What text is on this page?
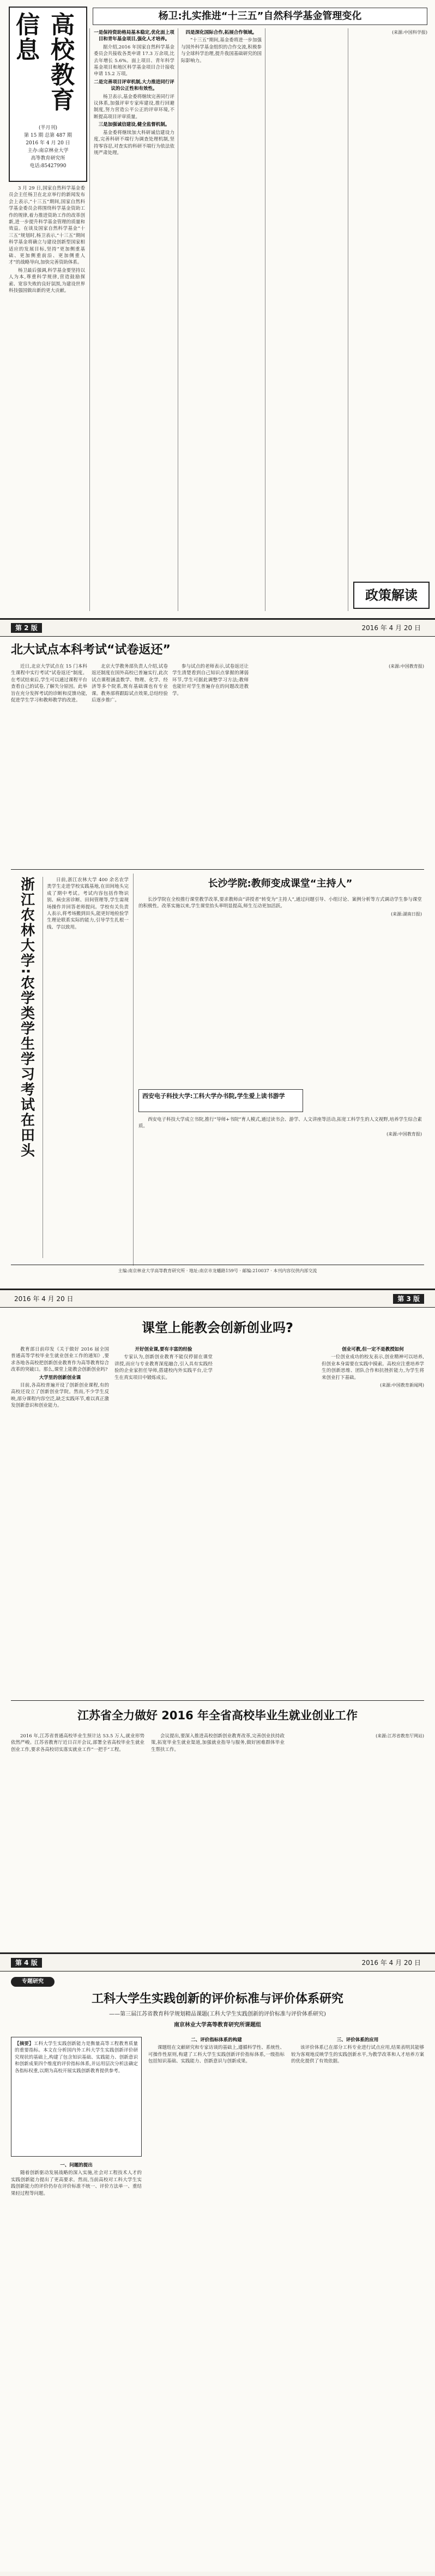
高校教育信息
(半月刊)
第 15 期 总第 487 期
2016 年 4 月 20 日
主办:南京林业大学
高等教育研究所
电话:85427990
杨卫:扎实推进“十三五”自然科学基金管理变化

3 月 29 日,国家自然科学基金委员会主任杨卫在北京举行的新闻发布会上表示,“十三五”期间,国家自然科学基金委员会将围绕科学基金资助工作的规律,着力推进资助工作的改革创新,进一步提升科学基金管理的质量和效益。在谈及国家自然科学基金“十三五”规划时,杨卫表示,“十三五”期间科学基金将确立与建设创新型国家相适应的发展目标,坚持“更加侧重基础、更加侧重前沿、更加侧重人才”的战略导向,加快完善资助体系。

杨卫最后强调,科学基金要坚持以人为本,尊重科学规律,营造鼓励探索、宽容失败的良好氛围,为建设世界科技强国做出新的更大贡献。

一是保持资助格局基本稳定,优化面上项目和青年基金项目,强化人才培养。

据介绍,2016 年国家自然科学基金委员会共接收各类申请 17.3 万余项,比去年增长 5.6%。面上项目、青年科学基金项目和地区科学基金项目合计接收申请 15.2 万项。

二是完善项目评审机制,大力推进同行评议的公正性和有效性。

杨卫表示,基金委将继续完善同行评议体系,加强评审专家库建设,推行回避制度,努力营造公平公正的评审环境,不断提高项目评审质量。

三是加强诚信建设,健全监督机制。

基金委将继续加大科研诚信建设力度,完善科研不端行为调查处理机制,坚持零容忍,对查实的科研不端行为依法依规严肃处理。

四是深化国际合作,拓展合作领域。

“十三五”期间,基金委将进一步加强与国外科学基金组织的合作交流,积极参与全球科学治理,提升我国基础研究的国际影响力。

(来源:中国科学报)

政策解读
第 2 版	2016 年 4 月 20 日
北大试点本科考试“试卷返还”

近日,北京大学试点在 15 门本科生课程中实行考试“试卷返还”制度。在考试结束后,学生可以通过课程平台查看自己的试卷,了解失分原因。此举旨在充分发挥考试的诊断和反馈功能,促进学生学习和教师教学的改进。

北京大学教务部负责人介绍,试卷返还制度在国外高校已普遍实行,此次试点课程涵盖数学、物理、化学、经济等多个院系,既有基础课也有专业课。教务部将跟踪试点效果,总结经验后逐步推广。

参与试点的老师表示,试卷返还让学生清楚看到自己知识点掌握的薄弱环节,学生可据此调整学习方法;教师也能针对学生普遍存在的问题改进教学。

(来源:中国教育报)

浙江农林大学:农学类学生学习考试在田头	日前,浙江农林大学 400 余名农学类学生走进学校实践基地,在田间地头完成了期中考试。考试内容包括作物识别、病虫害诊断、田间管理等,学生需现场操作并回答老师提问。学校有关负责人表示,将考场搬到田头,能更好地检验学生理论联系实际的能力,引导学生扎根一线、学以致用。

长沙学院:教师变成课堂“主持人”

长沙学院在全校推行课堂教学改革,要求教师由“讲授者”转变为“主持人”,通过问题引导、小组讨论、案例分析等方式调动学生参与课堂的积极性。改革实施以来,学生课堂抬头率明显提高,师生互动更加活跃。

(来源:湖南日报)

西安电子科技大学:工科大学办书院,学生爱上读书游学

西安电子科技大学成立书院,推行“导师+书院”育人模式,通过读书会、游学、人文讲座等活动,拓宽工科学生的人文视野,培养学生综合素质。

(来源:中国教育报)

主编:南京林业大学高等教育研究所 · 地址:南京市龙蟠路159号 · 邮编:210037 · 本刊内容仅供内部交流
2016 年 4 月 20 日	第 3 版
课堂上能教会创新创业吗?

教育部日前印发《关于做好 2016 届全国普通高等学校毕业生就业创业工作的通知》,要求各地各高校把创新创业教育作为高等教育综合改革的突破口。那么,课堂上能教会创新创业吗?

大学里的创新创业课

目前,各高校普遍开设了创新创业课程,有的高校还设立了创新创业学院。然而,不少学生反映,部分课程内容空泛,缺乏实践环节,难以真正激发创新意识和创业能力。

开好创业课,要有丰富的经验

专家认为,创新创业教育不能仅停留在课堂讲授,而应与专业教育深度融合,引入具有实践经验的企业家担任导师,搭建校内外实践平台,让学生在真实项目中锻炼成长。

创业可教,但一定不是教授如何

一位创业成功的校友表示,创业精神可以培养,但创业本身需要在实践中摸索。高校应注重培养学生的创新思维、团队合作和抗挫折能力,为学生将来创业打下基础。

(来源:中国教育新闻网)

江苏省全力做好 2016 年全省高校毕业生就业创业工作

2016 年,江苏省普通高校毕业生预计达 53.5 万人,就业形势依然严峻。江苏省教育厅近日召开会议,部署全省高校毕业生就业创业工作,要求各高校切实落实就业工作“一把手”工程。

会议提出,要深入推进高校创新创业教育改革,完善创业扶持政策,拓宽毕业生就业渠道,加强就业指导与服务,做好困难群体毕业生帮扶工作。

(来源:江苏省教育厅网站)

第 4 版	2016 年 4 月 20 日
专题研究
工科大学生实践创新的评价标准与评价体系研究
——第三届江苏省教育科学规划精品课题(工科大学生实践创新的评价标准与评价体系研究)
南京林业大学高等教育研究所课题组

【摘要】工科大学生实践创新能力是衡量高等工程教育质量的重要指标。本文在分析国内外工科大学生实践创新评价研究现状的基础上,构建了包含知识基础、实践能力、创新意识和创新成果四个维度的评价指标体系,并运用层次分析法确定各指标权重,以期为高校开展实践创新教育提供参考。

一、问题的提出

随着创新驱动发展战略的深入实施,社会对工程技术人才的实践创新能力提出了更高要求。然而,当前高校对工科大学生实践创新能力的评价仍存在评价标准不统一、评价方法单一、重结果轻过程等问题。

二、评价指标体系的构建

课题组在文献研究和专家访谈的基础上,遵循科学性、系统性、可操作性原则,构建了工科大学生实践创新评价指标体系,一级指标包括知识基础、实践能力、创新意识与创新成果。

三、评价体系的应用

该评价体系已在部分工科专业进行试点应用,结果表明其能够较为客观地反映学生的实践创新水平,为教学改革和人才培养方案的优化提供了有效依据。
